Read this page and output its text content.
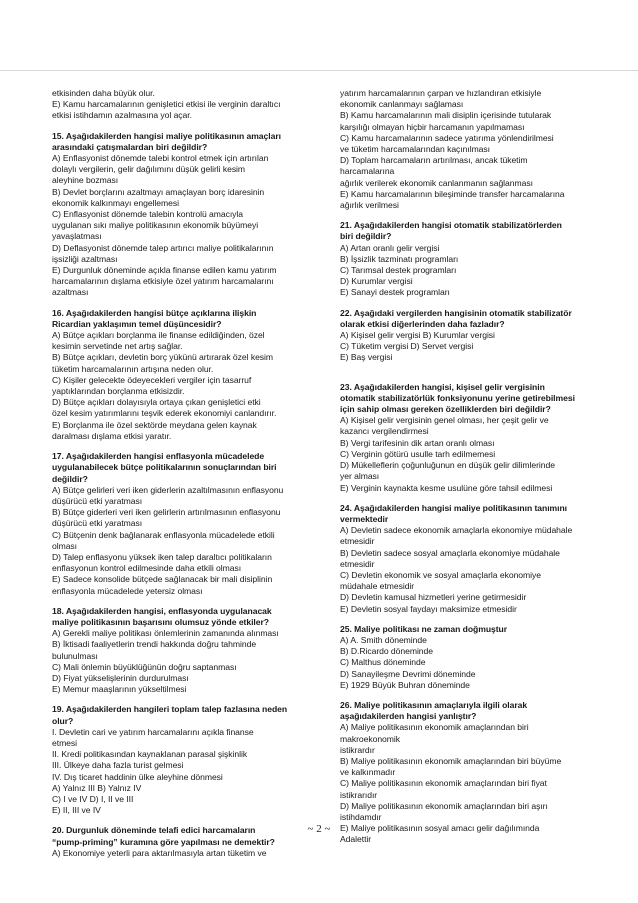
etkisinden daha büyük olur.
E) Kamu harcamalarının genişletici etkisi ile verginin daraltıcı
etkisi istihdamın azalmasına yol açar.
15. Aşağıdakilerden hangisi maliye politikasının amaçları
arasındaki çatışmalardan biri değildir?
A) Enflasyonist dönemde talebi kontrol etmek için artırılan
dolaylı vergilerin, gelir dağılımını düşük gelirli kesim
aleyhine bozması
B) Devlet borçlarını azaltmayı amaçlayan borç idaresinin
ekonomik kalkınmayı engellemesi
C) Enflasyonist dönemde talebin kontrolü amacıyla
uygulanan sıkı maliye politikasının ekonomik büyümeyi
yavaşlatması
D) Deflasyonist dönemde talep artırıcı maliye politikalarının
işsizliği azaltması
E) Durgunluk döneminde açıkla finanse edilen kamu yatırım
harcamalarının dışlama etkisiyle özel yatırım harcamalarını
azaltması
16. Aşağıdakilerden hangisi bütçe açıklarına ilişkin
Ricardian yaklaşımın temel düşüncesidir?
A) Bütçe açıkları borçlanma ile finanse edildiğinden, özel
kesimin servetinde net artış sağlar.
B) Bütçe açıkları, devletin borç yükünü artırarak özel kesim
tüketim harcamalarının artışına neden olur.
C) Kişiler gelecekte ödeyecekleri vergiler için tasarruf
yaptıklarından borçlanma etkisizdir.
D) Bütçe açıkları dolayısıyla ortaya çıkan genişletici etki
özel kesim yatırımlarını teşvik ederek ekonomiyi canlandırır.
E) Borçlanma ile özel sektörde meydana gelen kaynak
daralması dışlama etkisi yaratır.
17. Aşağıdakilerden hangisi enflasyonla mücadelede
uygulanabilecek bütçe politikalarının sonuçlarından biri
değildir?
A) Bütçe gelirleri veri iken giderlerin azaltılmasının enflasyonu
düşürücü etki yaratması
B) Bütçe giderleri veri iken gelirlerin artırılmasının enflasyonu
düşürücü etki yaratması
C) Bütçenin denk bağlanarak enflasyonla mücadelede etkili
olması
D) Talep enflasyonu yüksek iken talep daraltıcı politikaların
enflasyonun kontrol edilmesinde daha etkili olması
E) Sadece konsolide bütçede sağlanacak bir mali disiplinin
enflasyonla mücadelede yetersiz olması
18. Aşağıdakilerden hangisi, enflasyonda uygulanacak
maliye politikasının başarısını olumsuz yönde etkiler?
A) Gerekli maliye politikası önlemlerinin zamanında alınması
B) İktisadi faaliyetlerin trendi hakkında doğru tahminde
bulunulması
C) Mali önlemin büyüklüğünün doğru saptanması
D) Fiyat yükselişlerinin durdurulması
E) Memur maaşlarının yükseltilmesi
19. Aşağıdakilerden hangileri toplam talep fazlasına neden
olur?
I. Devletin cari ve yatırım harcamalarını açıkla finanse
etmesi
II. Kredi politikasından kaynaklanan parasal şişkinlik
III. Ülkeye daha fazla turist gelmesi
IV. Dış ticaret haddinin ülke aleyhine dönmesi
A) Yalnız III B) Yalnız IV
C) I ve IV D) I, II ve III
E) II, III ve IV
20. Durgunluk döneminde telafi edici harcamaların
“pump-priming” kuramına göre yapılması ne demektir?
A) Ekonomiye yeterli para aktarılmasıyla artan tüketim ve
yatırım harcamalarının çarpan ve hızlandıran etkisiyle
ekonomik canlanmayı sağlaması
B) Kamu harcamalarının mali disiplin içerisinde tutularak
karşılığı olmayan hiçbir harcamanın yapılmaması
C) Kamu harcamalarının sadece yatırıma yönlendirilmesi
ve tüketim harcamalarından kaçınılması
D) Toplam harcamaların artırılması, ancak tüketim
harcamalarına
ağırlık verilerek ekonomik canlanmanın sağlanması
E) Kamu harcamalarının bileşiminde transfer harcamalarına
ağırlık verilmesi
21. Aşağıdakilerden hangisi otomatik stabilizatörlerden
biri değildir?
A) Artan oranlı gelir vergisi
B) İşsizlik tazminatı programları
C) Tarımsal destek programları
D) Kurumlar vergisi
E) Sanayi destek programları
22. Aşağıdaki vergilerden hangisinin otomatik stabilizatör
olarak etkisi diğerlerinden daha fazladır?
A) Kişisel gelir vergisi B) Kurumlar vergisi
C) Tüketim vergisi D) Servet vergisi
E) Baş vergisi
23. Aşağıdakilerden hangisi, kişisel gelir vergisinin
otomatik stabilizatörlük fonksiyonunu yerine getirebilmesi
için sahip olması gereken özelliklerden biri değildir?
A) Kişisel gelir vergisinin genel olması, her çeşit gelir ve
kazancı vergilendirmesi
B) Vergi tarifesinin dik artan oranlı olması
C) Verginin götürü usulle tarh edilmemesi
D) Mükelleflerin çoğunluğunun en düşük gelir dilimlerinde
yer alması
E) Verginin kaynakta kesme usulüne göre tahsil edilmesi
24. Aşağıdakilerden hangisi maliye politikasının tanımını
vermektedir
A) Devletin sadece ekonomik amaçlarla ekonomiye müdahale
etmesidir
B) Devletin sadece sosyal amaçlarla ekonomiye müdahale
etmesidir
C) Devletin ekonomik ve sosyal amaçlarla ekonomiye
müdahale etmesidir
D) Devletin kamusal hizmetleri yerine getirmesidir
E) Devletin sosyal faydayı maksimize etmesidir
25. Maliye politikası ne zaman doğmuştur
A) A. Smith döneminde
B) D.Ricardo döneminde
C) Malthus döneminde
D) Sanayileşme Devrimi döneminde
E) 1929 Büyük Buhran döneminde
26. Maliye politikasının amaçlarıyla ilgili olarak
aşağıdakilerden hangisi yanlıştır?
A) Maliye politikasının ekonomik amaçlarından biri
makroekonomik
istikrardır
B) Maliye politikasının ekonomik amaçlarından biri büyüme
ve kalkınmadır
C) Maliye politikasının ekonomik amaçlarından biri fiyat
istikrarıdır
D) Maliye politikasının ekonomik amaçlarından biri aşırı
istihdamdır
E) Maliye politikasının sosyal amacı gelir dağılımında
Adalettir
~ 2 ~
